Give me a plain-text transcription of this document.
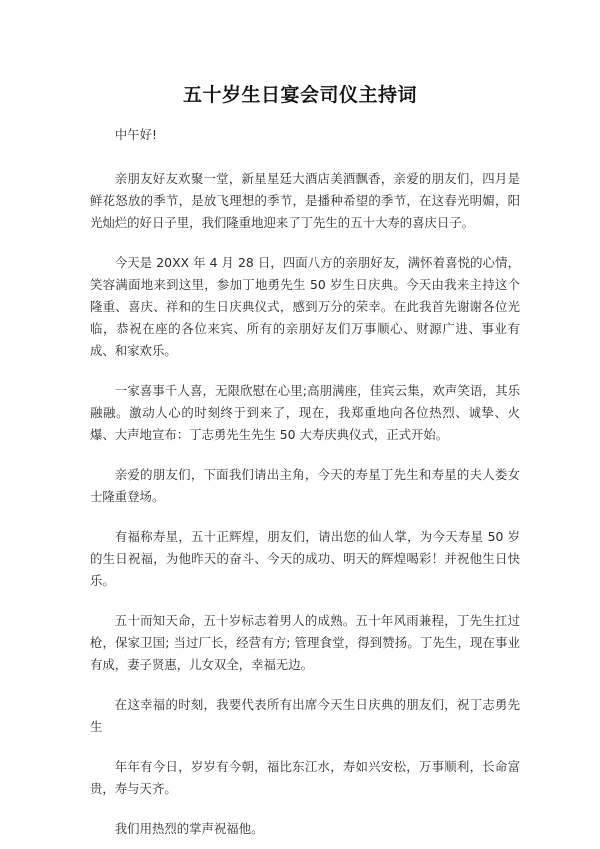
五十岁生日宴会司仪主持词

中午好!

亲朋友好友欢聚一堂，新星星廷大酒店美酒飘香，亲爱的朋友们，四月是鲜花怒放的季节，是放飞理想的季节，是播种希望的季节，在这春光明媚，阳光灿烂的好日子里，我们隆重地迎来了丁先生的五十大寿的喜庆日子。

今天是 20XX 年 4 月 28 日，四面八方的亲朋好友，满怀着喜悦的心情，笑容满面地来到这里，参加丁地勇先生 50 岁生日庆典。今天由我来主持这个隆重、喜庆、祥和的生日庆典仪式，感到万分的荣幸。在此我首先谢谢各位光临，恭祝在座的各位来宾、所有的亲朋好友们万事顺心、财源广进、事业有成、和家欢乐。

一家喜事千人喜，无限欣慰在心里;高朋满座，佳宾云集，欢声笑语，其乐融融。激动人心的时刻终于到来了，现在，我郑重地向各位热烈、诚挚、火爆、大声地宣布：丁志勇先生先生 50 大寿庆典仪式，正式开始。

亲爱的朋友们，下面我们请出主角，今天的寿星丁先生和寿星的夫人娄女士隆重登场。

有福称寿星，五十正辉煌，朋友们，请出您的仙人掌，为今天寿星 50 岁的生日祝福，为他昨天的奋斗、今天的成功、明天的辉煌喝彩！并祝他生日快乐。

五十而知天命，五十岁标志着男人的成熟。五十年风雨兼程，丁先生扛过枪，保家卫国; 当过厂长，经营有方; 管理食堂，得到赞扬。丁先生，现在事业有成，妻子贤惠，儿女双全，幸福无边。

在这幸福的时刻，我要代表所有出席今天生日庆典的朋友们，祝丁志勇先生

年年有今日，岁岁有今朝，福比东江水，寿如兴安松，万事顺利，长命富贵，寿与天齐。

我们用热烈的掌声祝福他。
